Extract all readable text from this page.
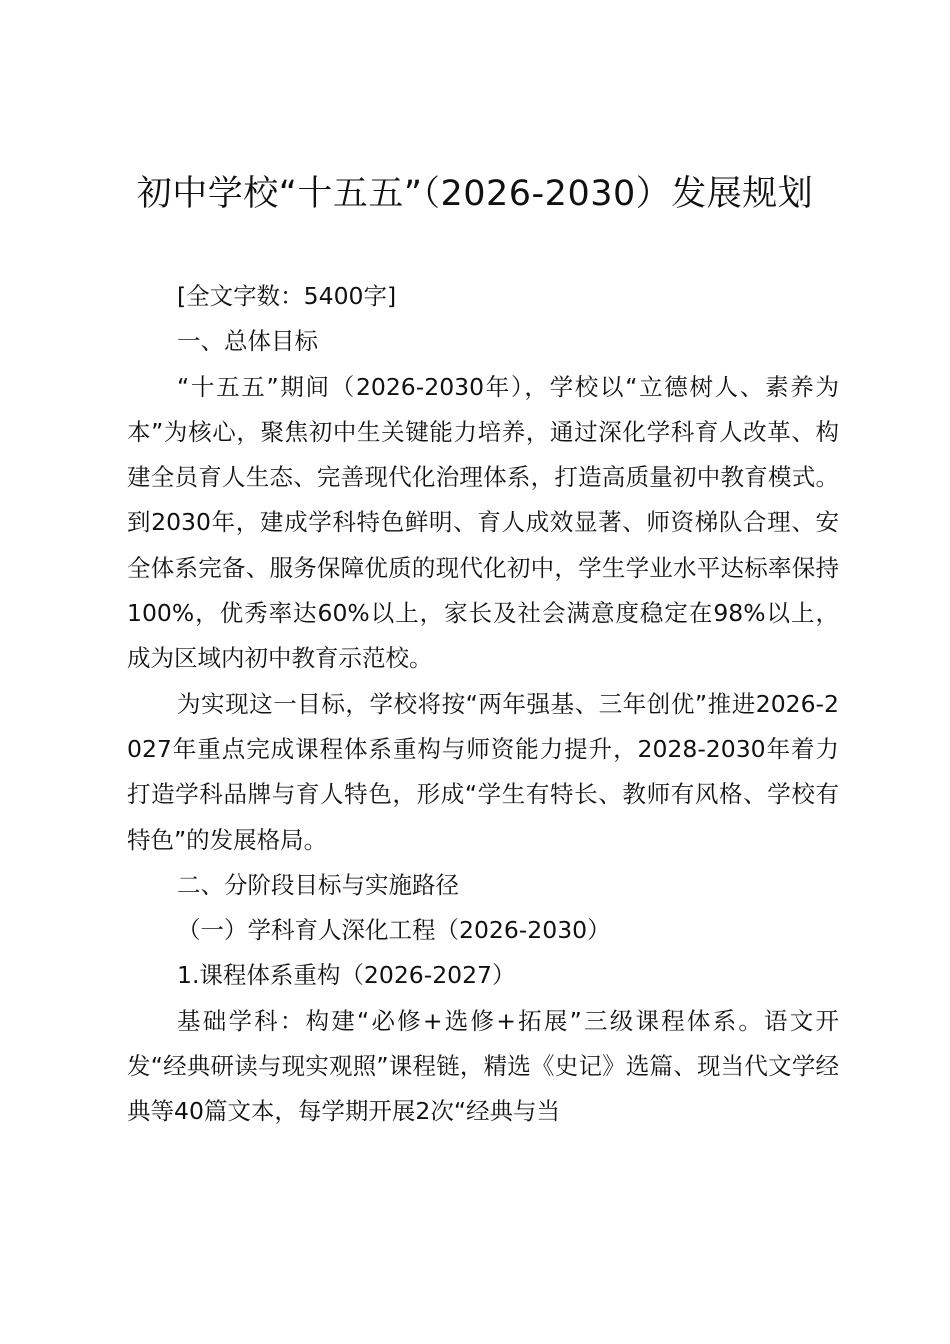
初中学校“十五五”（2026-2030）发展规划

[全文字数：5400字]

一、总体目标

“十五五”期间（2026-2030年），学校以“立德树人、素养为本”为核心，聚焦初中生关键能力培养，通过深化学科育人改革、构建全员育人生态、完善现代化治理体系，打造高质量初中教育模式。到2030年，建成学科特色鲜明、育人成效显著、师资梯队合理、安全体系完备、服务保障优质的现代化初中，学生学业水平达标率保持100%，优秀率达60%以上，家长及社会满意度稳定在98%以上，成为区域内初中教育示范校。

为实现这一目标，学校将按“两年强基、三年创优”推进2026-2027年重点完成课程体系重构与师资能力提升，2028-2030年着力打造学科品牌与育人特色，形成“学生有特长、教师有风格、学校有特色”的发展格局。

二、分阶段目标与实施路径

（一）学科育人深化工程（2026-2030）

1.课程体系重构（2026-2027）

基础学科：构建“必修+选修+拓展”三级课程体系。语文开发“经典研读与现实观照”课程链，精选《史记》选篇、现当代文学经典等40篇文本，每学期开展2次“经典与当
